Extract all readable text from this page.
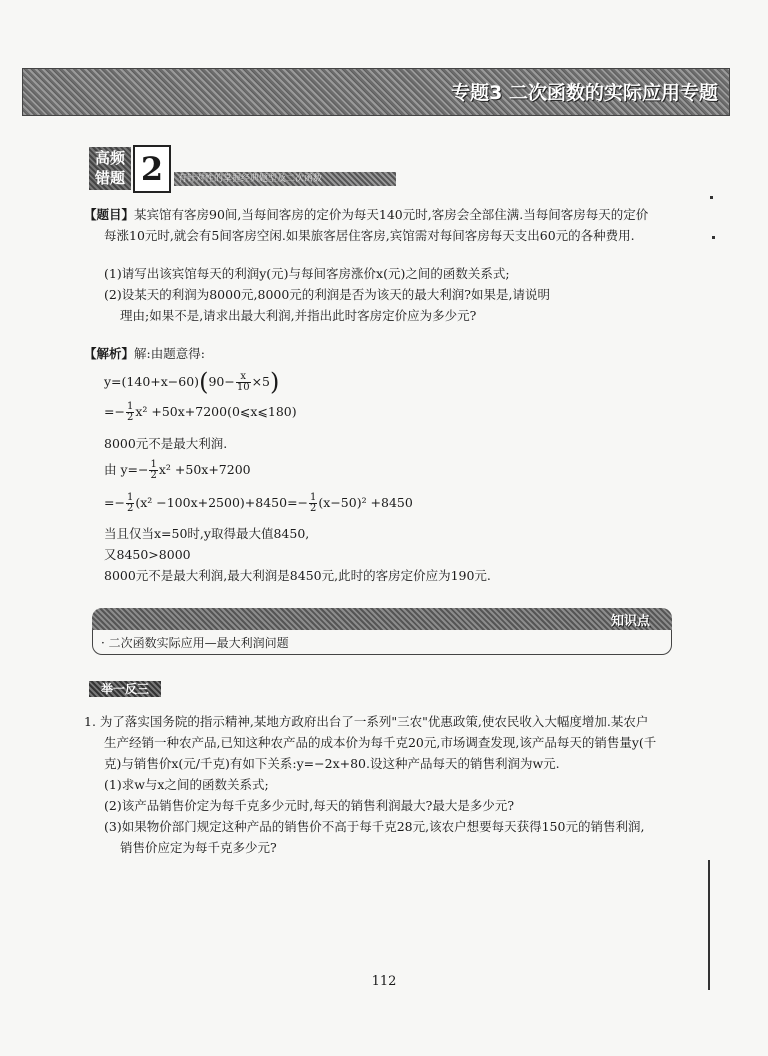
专题3 二次函数的实际应用专题
高频
错题 2	有针对性的掌握经典题型及二次函数
【题目】某宾馆有客房90间,当每间客房的定价为每天140元时,客房会全部住满.当每间客房每天的定价
每涨10元时,就会有5间客房空闲.如果旅客居住客房,宾馆需对每间客房每天支出60元的各种费用.
(1)请写出该宾馆每天的利润y(元)与每间客房涨价x(元)之间的函数关系式;
(2)设某天的利润为8000元,8000元的利润是否为该天的最大利润?如果是,请说明
理由;如果不是,请求出最大利润,并指出此时客房定价应为多少元?
【解析】解:由题意得:
$y=(140+x-60)(90- \frac{x}{10} \times 5)$
=− $\frac{1}{2} x^2$ +50x+7200(0⩽x⩽180)
8000元不是最大利润.
由 $y=- \frac{1}{2} x^2 +50x+7200$
=− $\frac{1}{2} (x^2 -100x+2500)+8450=- \frac{1}{2} (x-50)^2 +8450$
当且仅当x=50时,y取得最大值8450,
又8450>8000
8000元不是最大利润,最大利润是8450元,此时的客房定价应为190元.
知识点
· 二次函数实际应用—最大利润问题
举一反三
1. 为了落实国务院的指示精神,某地方政府出台了一系列"三农"优惠政策,使农民收入大幅度增加.某农户
生产经销一种农产品,已知这种农产品的成本价为每千克20元,市场调查发现,该产品每天的销售量y(千
克)与销售价x(元/千克)有如下关系:y=−2x+80.设这种产品每天的销售利润为w元.
(1)求w与x之间的函数关系式;
(2)该产品销售价定为每千克多少元时,每天的销售利润最大?最大是多少元?
(3)如果物价部门规定这种产品的销售价不高于每千克28元,该农户想要每天获得150元的销售利润,
销售价应定为每千克多少元?
112
